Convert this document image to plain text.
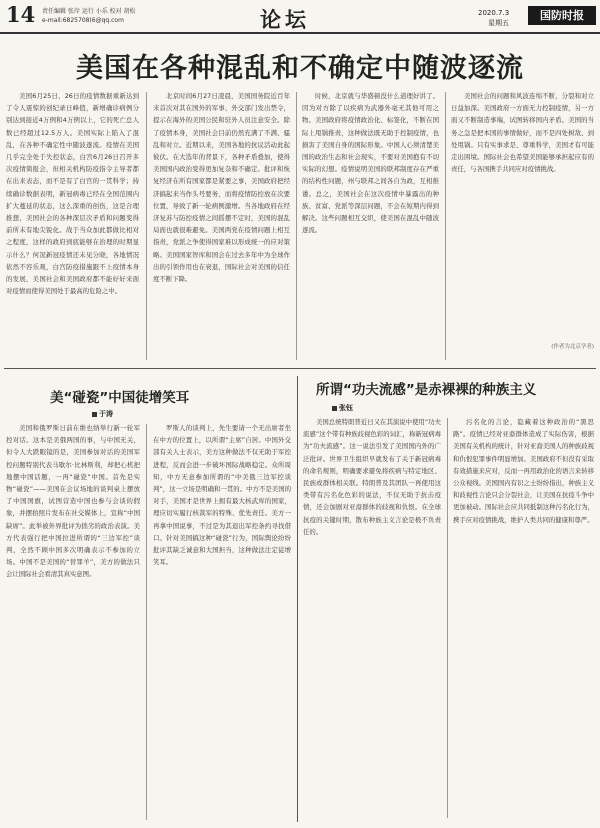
14 责任编辑 张岸 运行 小乐 校对 胡松
e-mail:6825708(6@qq.com	论坛	2020.7.3
星期五
国防时报
美国在各种混乱和不确定中随波逐流
美国6月25日、26日的疫情数据重新达到了令人震惊的创纪录日峰值，新增确诊病例分别达到接近4万例和4万例以上，它的死亡总人数已经超过12.5万人。美国实际上陷入了混乱，在各种不确定性中随波逐流。疫情在美国几乎完全处于失控状态，白宫6月26日召开多次疫情简报会，但相关机构防疫指令主导者都在出来表态，而不是有了白宫的一贯科学；持续确诊数据表明，新冠病毒已经在全国范围内扩大蔓延的状态，这么深重的创伤，这是合理推想，美国社会的各种深层次矛盾和问题变得前所未有地尖锐化。战于当众加此都做比相对之程度，这样的政府到底能够在治理的时期显示什么？何况新冠疫情还未见分晓，各地情况依然不容乐观，白宫防疫措施跟不上疫情本身的发展，美国社会和美国政府都不能好好来面对疫情而使得美国处于最高的危险之中。
北京时间6月27日凌晨，美国国务院近百年来首次对其在国外的军事、外交部门发出禁令，提示在海外的美国公民和驻外人员注意安全。除了疫情本身，美国社会目前仍然充满了不满、骚乱和对立。近期以来，美国各地的抗议活动此起彼伏。在大选年的背景下，各种矛盾叠加，使得美国国内政治变得更加复杂和不确定。批评和恢复经济在所有国家都是紧要之事，美国政府把经济搞起来当作头号要务，而将疫情防控放在次要位置，导致了新一轮病例激增。当各地政府在经济复苏与防控疫情之间摇摆不定时，美国的混乱局面也就很难避免。美国两党在疫情问题上相互指责，党派之争使得国家难以形成统一的应对策略。美国国家智库和国会在过去多年中为全球作出的引领作用也在衰退，国际社会对美国的信任度不断下降。
时候，北京就与华盛顿没什么道理好讲了。因为对方除了以疾病为武器外毫无其他可用之物。美国政府将疫情政治化、标签化，不断在国际上甩锅推责，这种做法既无助于控制疫情，也损害了美国自身的国际形象。中国人心须清楚美国的政治生态和社会现实，不要对美国抱有不切实际的幻想。疫情说明美国的联邦制度存在严重的结构性问题，州与联邦之间各自为政，互相推诿。总之，美国社会在这次疫情中暴露出的种族、贫富、党派等深层问题，不会在短期内得到解决。这些问题相互交织，使美国在混乱中随波逐流。
美国社会的问题和风波连绵不断，分裂和对立日益加深。美国政府一方面无力控制疫情，另一方面又不断制造事端，试图转移国内矛盾。美国的当务之急是把本国的事情做好，而不是四处树敌、到处甩锅。只有实事求是、尊重科学，美国才有可能走出困境。国际社会也希望美国能够承担起应有的责任，与各国携手共同应对疫情挑战。
(作者为北京学者)
美“碰瓷”中国徒增笑耳
于涛
美国和俄罗斯日前在维也纳举行新一轮军控对话。这本是美俄两国的事，与中国无关，但令人大跌眼镜的是，美国参加对话的美国军控问题特别代表马歇尔·比林斯利，却把心机把地摆中国话题，一再“碰瓷”中国。首先是实物“碰瓷”——美国在会议场地的谈判桌上摆放了中国国旗，试图营造中国也参与会谈的假象，并摆拍照片发布在社交媒体上，宣称“中国缺席”。此举被外界批评为拙劣的政治表演。美方代表强行把中国拉进所谓的“三边军控”谈判，全然不顾中国多次明确表示不参加的立场。中国不是美国的“替罪羊”，美方的做法只会让国际社会看清其真实意图。
罗斯人的谈判上，先生要请一个无出席者坐在中方的位置上，以所谓“主席”自居。中国外交部有关人士表示，美方这种做法不仅无助于军控进程，反而会进一步破坏国际战略稳定。众所周知，中方无意参加所谓的“中美俄三边军控谈判”，这一立场是明确和一贯的。中方不是美国的对手，美国才是世界上拥有最大核武库的国家，理应切实履行核裁军的特殊、优先责任。美方一再拿中国说事，不过是为其退出军控条约寻找借口。针对美国搞这种“碰瓷”行为，国际舆论纷纷批评其缺乏诚意和大国担当，这种做法注定徒增笑耳。
所谓“功夫流感”是赤裸裸的种族主义
张钰
美国总统特朗普近日又在其演说中使用“功夫流感”这个带有种族歧视色彩的词汇，称新冠病毒为“功夫流感”。这一说法引发了美国国内外的广泛批评。世界卫生组织早就发布了关于新冠病毒的命名规则，明确要求避免将疾病与特定地区、民族或群体相关联。特朗普及其团队一再使用这类带有污名化色彩的说法，不仅无助于抗击疫情，还会加剧对亚裔群体的歧视和仇恨。在全球抗疫的关键时期，散布种族主义言论是极不负责任的。
污名化的言论，隐藏着这种政治的“黑思路”。疫情已经对亚裔群体造成了实际伤害，根据美国有关机构的统计，针对亚裔美国人的种族歧视和仇恨犯罪事件明显增加。美国政府不但没有采取有效措施来应对，反而一再用政治化的语言来转移公众视线。美国国内有识之士纷纷指出，种族主义和歧视性言论只会分裂社会，让美国在抗疫斗争中更加被动。国际社会应共同抵制这种污名化行为，携手应对疫情挑战，维护人类共同的健康和尊严。
